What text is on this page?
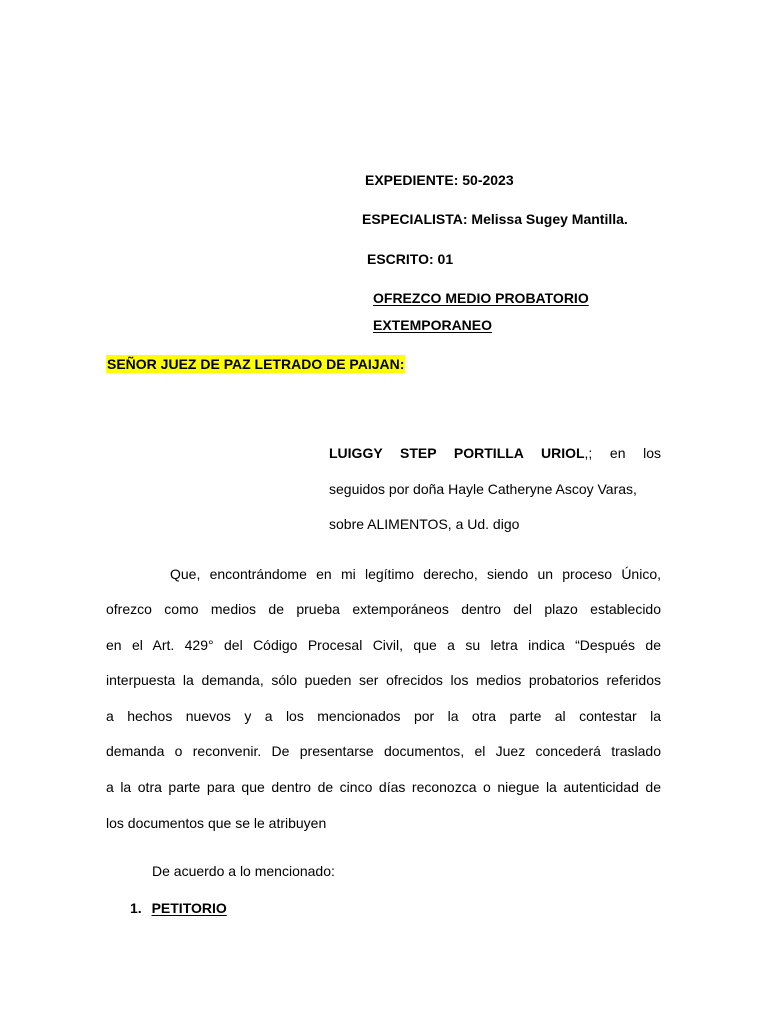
EXPEDIENTE: 50-2023
ESPECIALISTA: Melissa Sugey Mantilla.
ESCRITO: 01
OFREZCO MEDIO PROBATORIO
EXTEMPORANEO
SEÑOR JUEZ DE PAZ LETRADO DE PAIJAN:
LUIGGY STEP PORTILLA URIOL,; en los
seguidos por doña Hayle Catheryne Ascoy Varas,
sobre ALIMENTOS, a Ud. digo
Que, encontrándome en mi legítimo derecho, siendo un proceso Único,
ofrezco como medios de prueba extemporáneos dentro del plazo establecido
en el Art. 429° del Código Procesal Civil, que a su letra indica “Después de
interpuesta la demanda, sólo pueden ser ofrecidos los medios probatorios referidos
a hechos nuevos y a los mencionados por la otra parte al contestar la
demanda o reconvenir. De presentarse documentos, el Juez concederá traslado
a la otra parte para que dentro de cinco días reconozca o niegue la autenticidad de
los documentos que se le atribuyen
De acuerdo a lo mencionado:
1. PETITORIO
